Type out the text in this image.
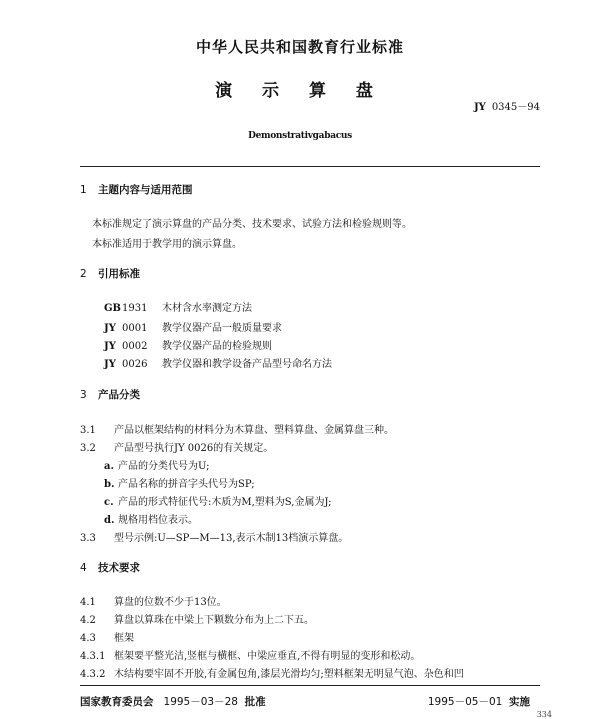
中华人民共和国教育行业标准
演 示 算 盘
JY 0345－94
Demonstrativgabacus
1 主题内容与适用范围
本标准规定了演示算盘的产品分类、技术要求、试验方法和检验规则等。
本标准适用于教学用的演示算盘。
2 引用标准
GB1931 木材含水率测定方法
JY 0001 教学仪器产品一般质量要求
JY 0002 教学仪器产品的检验规则
JY 0026 教学仪器和教学设备产品型号命名方法
3 产品分类
3.1 产品以框架结构的材料分为木算盘、塑料算盘、金属算盘三种。
3.2 产品型号执行JY 0026的有关规定。
a. 产品的分类代号为U;
b. 产品名称的拼音字头代号为SP;
c. 产品的形式特征代号:木质为M,塑料为S,金属为J;
d. 规格用档位表示。
3.3 型号示例:U—SP—M—13,表示木制13档演示算盘。
4 技术要求
4.1 算盘的位数不少于13位。
4.2 算盘以算珠在中梁上下颗数分布为上二下五。
4.3 框架
4.3.1 框架要平整光洁,竖框与横框、中梁应垂直,不得有明显的变形和松动。
4.3.2 木结构要牢固不开胶,有金属包角,漆层光滑均匀;塑料框架无明显气泡、杂色和凹
国家教育委员会 1995－03－28 批准	1995－05－01 实施
334
